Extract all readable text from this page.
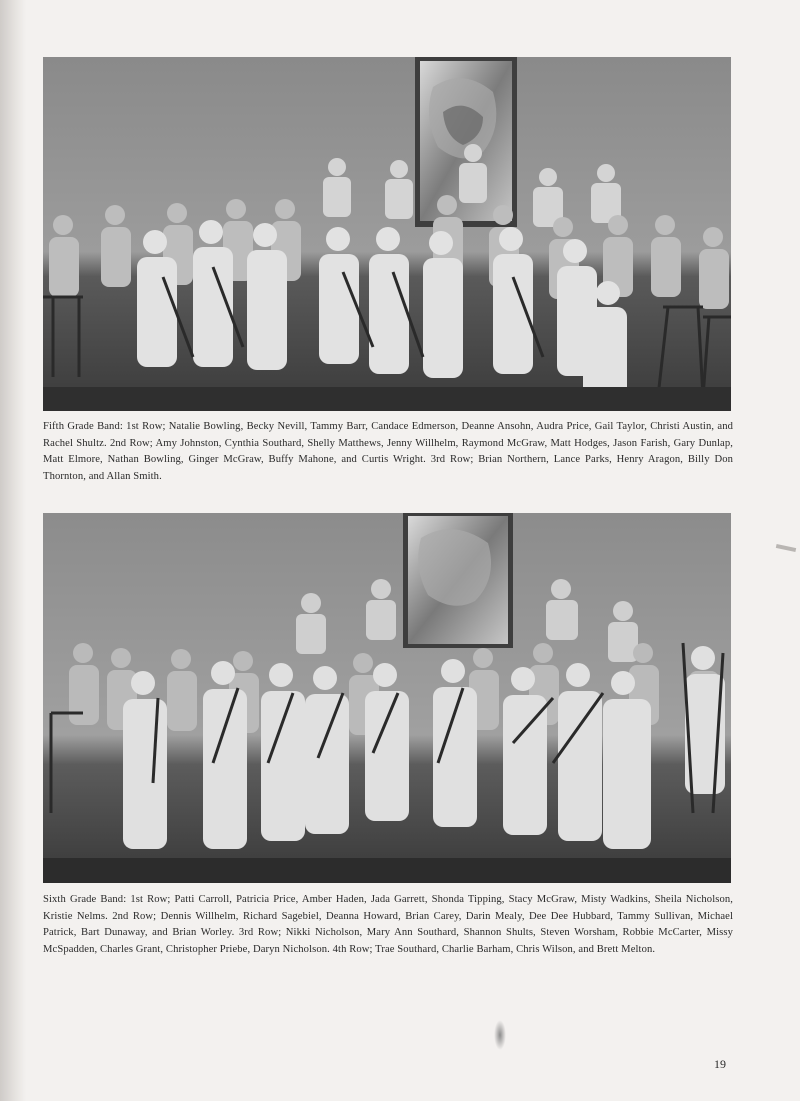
Fifth Grade Band: 1st Row; Natalie Bowling, Becky Nevill, Tammy Barr, Candace Edmerson, Deanne Ansohn, Audra Price, Gail Taylor, Christi Austin, and Rachel Shultz. 2nd Row; Amy Johnston, Cynthia Southard, Shelly Matthews, Jenny Willhelm, Raymond McGraw, Matt Hodges, Jason Farish, Gary Dunlap, Matt Elmore, Nathan Bowling, Ginger McGraw, Buffy Mahone, and Curtis Wright. 3rd Row; Brian Northern, Lance Parks, Henry Aragon, Billy Don Thornton, and Allan Smith.
Sixth Grade Band: 1st Row; Patti Carroll, Patricia Price, Amber Haden, Jada Garrett, Shonda Tipping, Stacy McGraw, Misty Wadkins, Sheila Nicholson, Kristie Nelms. 2nd Row; Dennis Willhelm, Richard Sagebiel, Deanna Howard, Brian Carey, Darin Mealy, Dee Dee Hubbard, Tammy Sullivan, Michael Patrick, Bart Dunaway, and Brian Worley. 3rd Row; Nikki Nicholson, Mary Ann Southard, Shannon Shults, Steven Worsham, Robbie McCarter, Missy McSpadden, Charles Grant, Christopher Priebe, Daryn Nicholson. 4th Row; Trae Southard, Charlie Barham, Chris Wilson, and Brett Melton.
19
